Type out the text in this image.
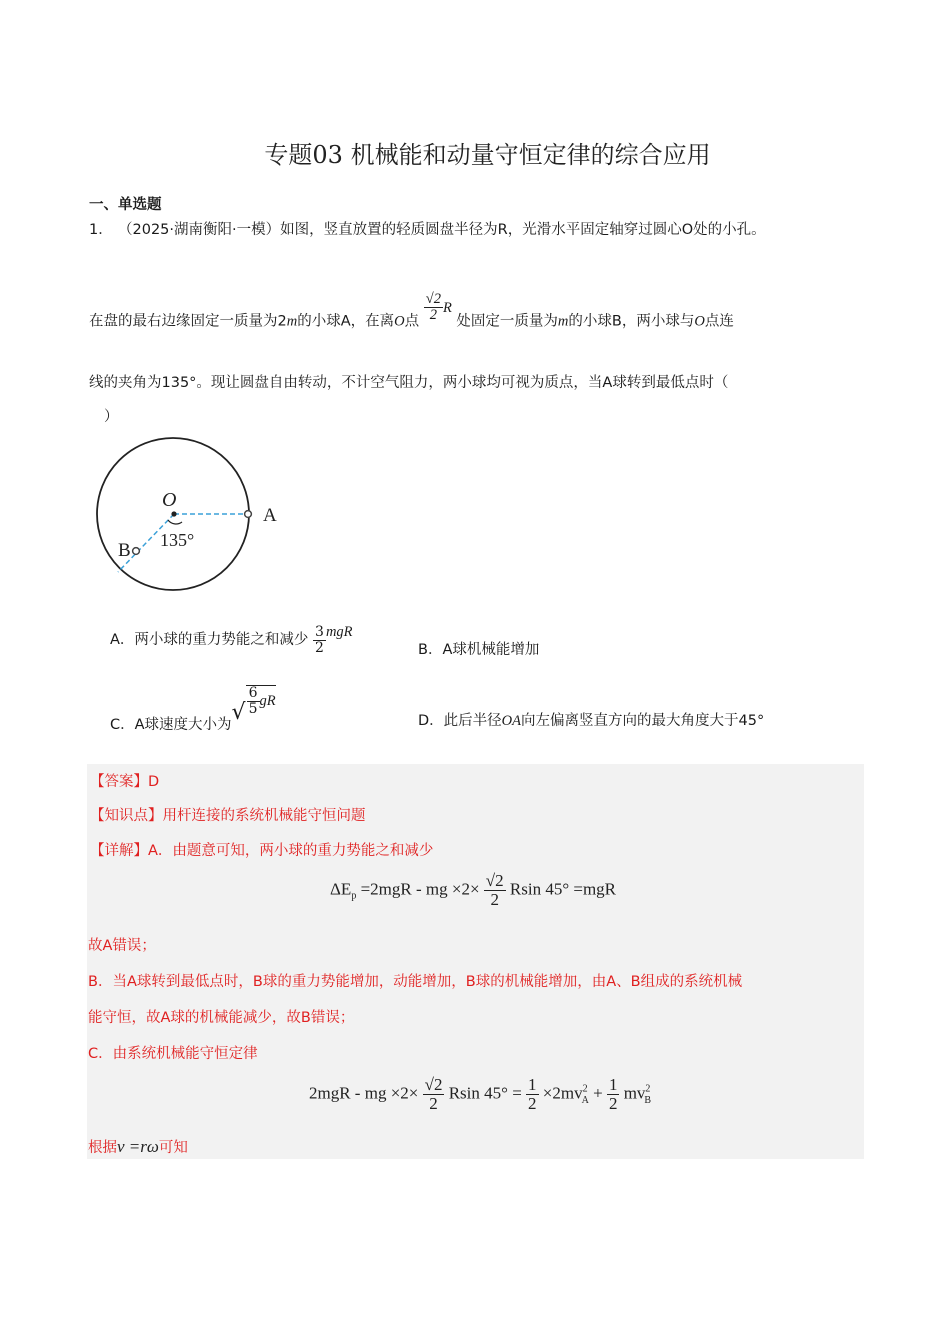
专题03 机械能和动量守恒定律的综合应用
一、单选题
1． （2025·湖南衡阳·一模）如图，竖直放置的轻质圆盘半径为R，光滑水平固定轴穿过圆心O处的小孔。
在盘的最右边缘固定一质量为2m的小球A，在离O点 $\frac{√2}{2}$ R 处固定一质量为m的小球B，两小球与O点连
线的夹角为135°。现让圆盘自由转动，不计空气阻力，两小球均可视为质点，当A球转到最低点时（
）
O
A
B 135°
A．两小球的重力势能之和减少 $\frac{3}{2}$ mgR
B．A球机械能增加
C．A球速度大小为√ $\frac{6}{5}$ gR
D．此后半径OA向左偏离竖直方向的最大角度大于45°
【答案】D
【知识点】用杆连接的系统机械能守恒问题
【详解】A．由题意可知，两小球的重力势能之和减少
$\Delta E_p =2mgR$ - mg $\times 2\times \frac{√2}{2}$ Rsin 45° =mgR
故A错误；
B．当A球转到最低点时，B球的重力势能增加，动能增加，B球的机械能增加，由A、B组成的系统机械
能守恒，故A球的机械能减少，故B错误；
C．由系统机械能守恒定律
2mgR - mg $\times 2\times \frac{√2}{2}$ Rsin $45^\circ = \frac{1}{2} \times 2mv^2_A + \frac{1}{2} mv^2_B$
根据v =rω可知
